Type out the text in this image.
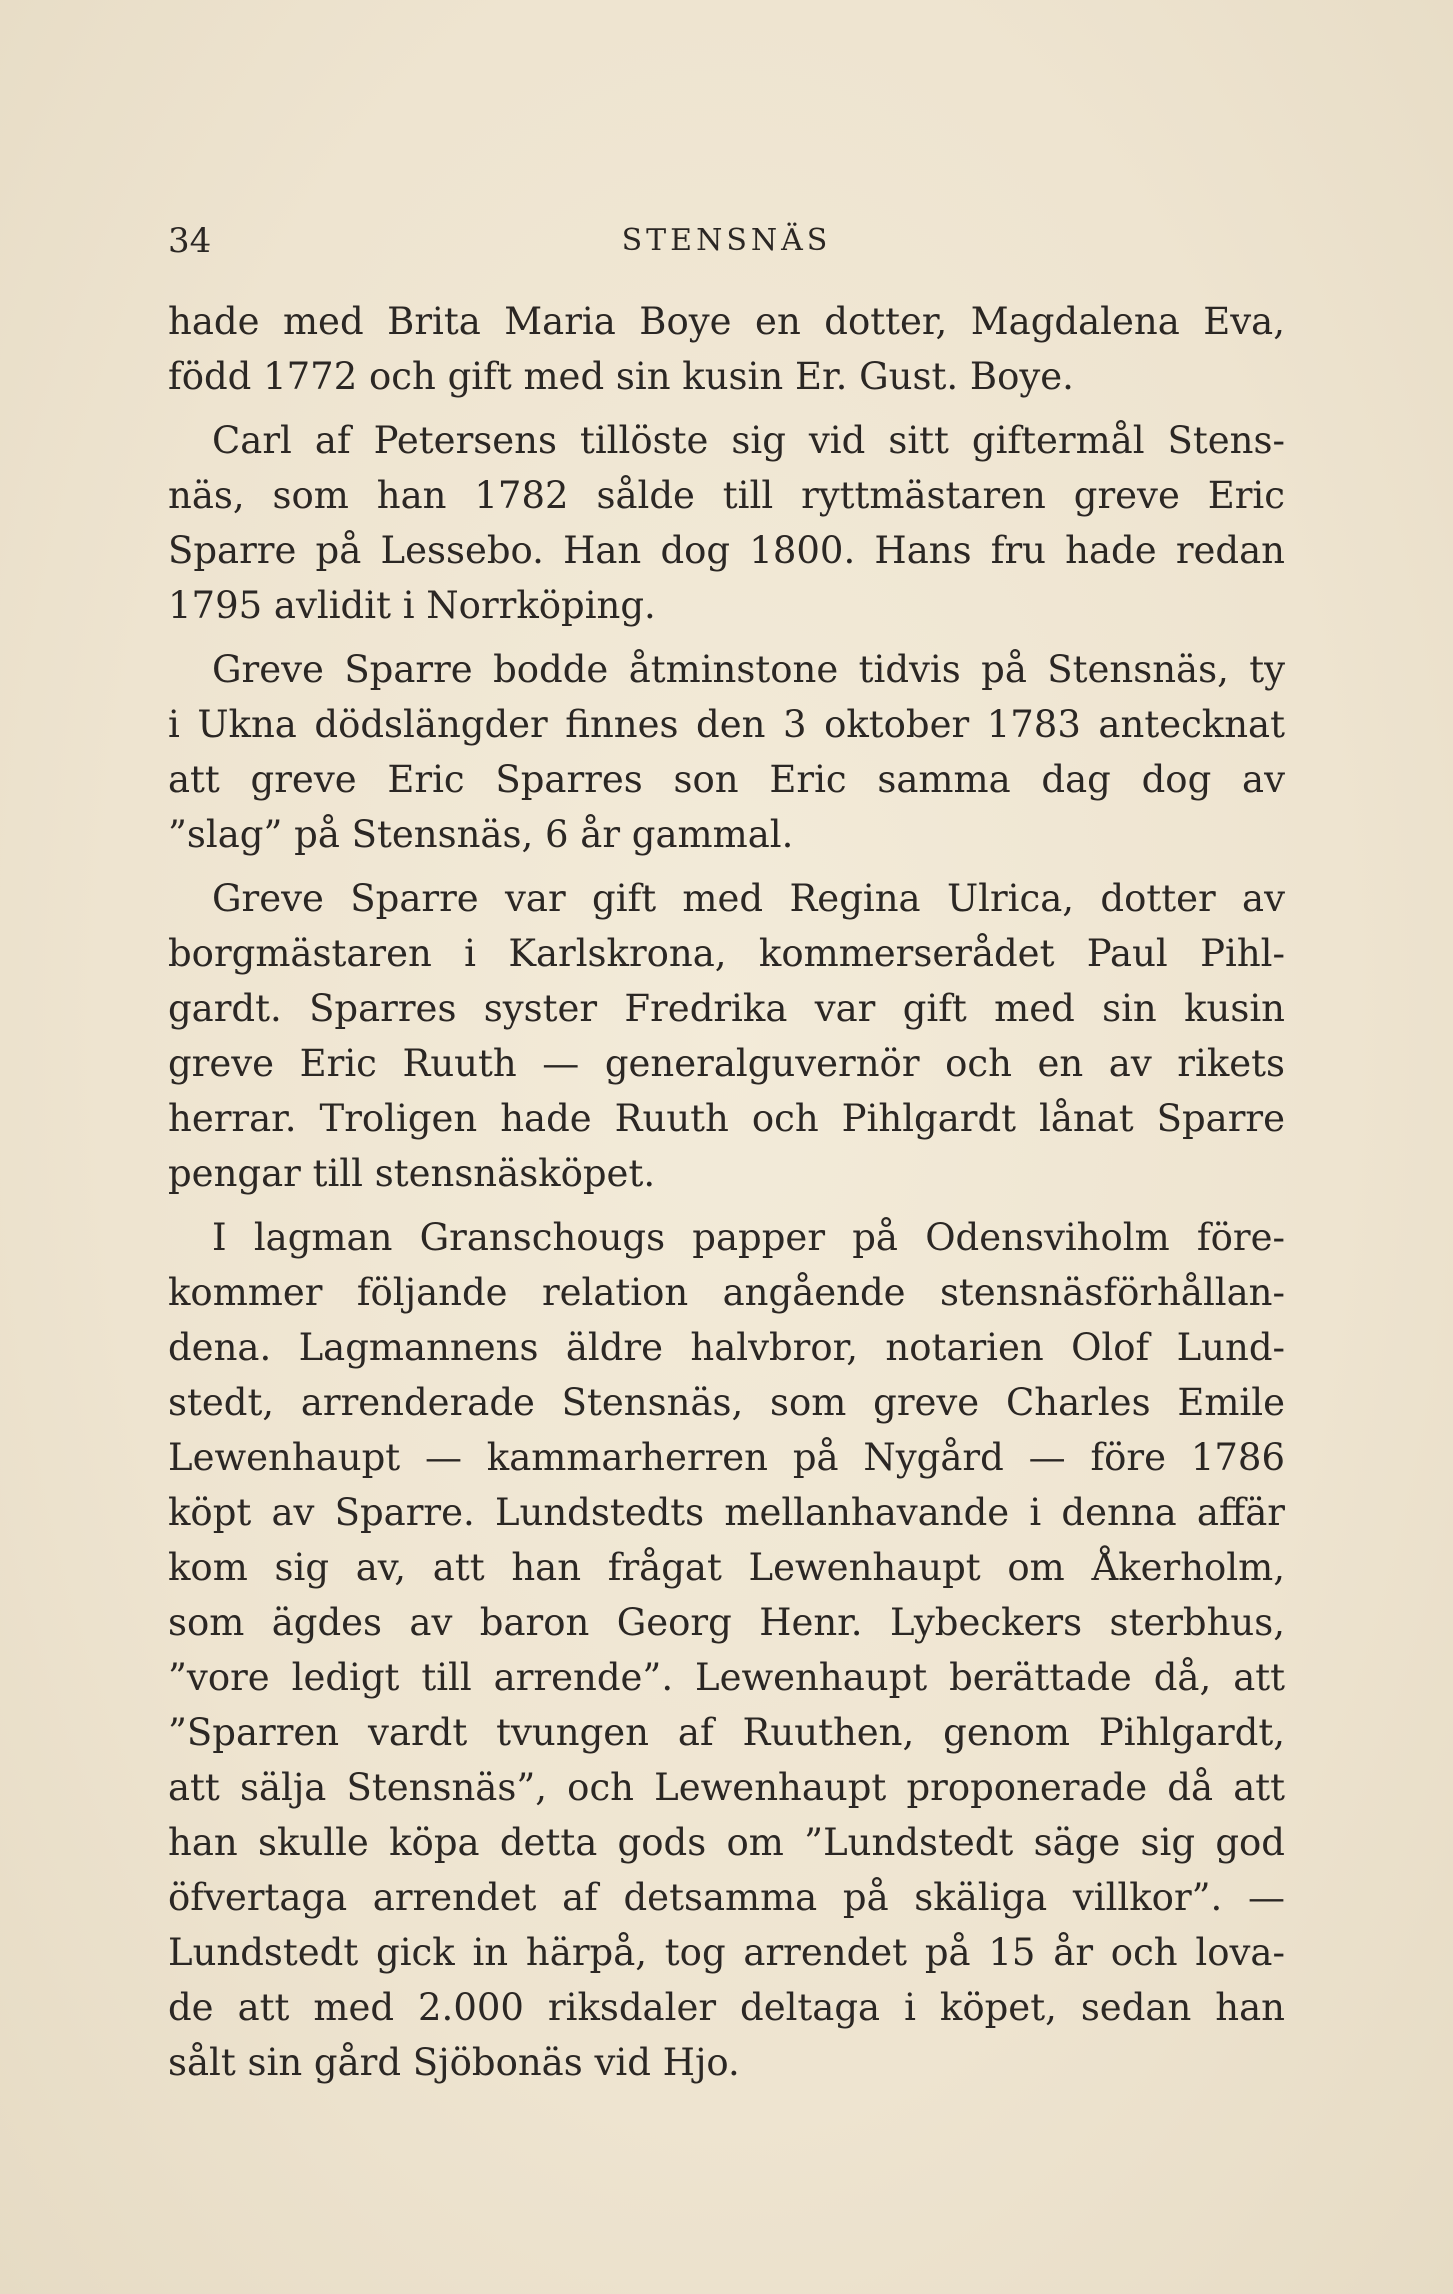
34	STENSNÄS

hade med Brita Maria Boye en dotter, Magdalena Eva,
född 1772 och gift med sin kusin Er. Gust. Boye.

Carl af Petersens tillöste sig vid sitt giftermål Stens-
näs, som han 1782 sålde till ryttmästaren greve Eric
Sparre på Lessebo. Han dog 1800. Hans fru hade redan
1795 avlidit i Norrköping.

Greve Sparre bodde åtminstone tidvis på Stensnäs, ty
i Ukna dödslängder finnes den 3 oktober 1783 antecknat
att greve Eric Sparres son Eric samma dag dog av
”slag” på Stensnäs, 6 år gammal.

Greve Sparre var gift med Regina Ulrica, dotter av
borgmästaren i Karlskrona, kommerserådet Paul Pihl-
gardt. Sparres syster Fredrika var gift med sin kusin
greve Eric Ruuth — generalguvernör och en av rikets
herrar. Troligen hade Ruuth och Pihlgardt lånat Sparre
pengar till stensnäsköpet.

I lagman Granschougs papper på Odensviholm före-
kommer följande relation angående stensnäsförhållan-
dena. Lagmannens äldre halvbror, notarien Olof Lund-
stedt, arrenderade Stensnäs, som greve Charles Emile
Lewenhaupt — kammarherren på Nygård — före 1786
köpt av Sparre. Lundstedts mellanhavande i denna affär
kom sig av, att han frågat Lewenhaupt om Åkerholm,
som ägdes av baron Georg Henr. Lybeckers sterbhus,
”vore ledigt till arrende”. Lewenhaupt berättade då, att
”Sparren vardt tvungen af Ruuthen, genom Pihlgardt,
att sälja Stensnäs”, och Lewenhaupt proponerade då att
han skulle köpa detta gods om ”Lundstedt säge sig god
öfvertaga arrendet af detsamma på skäliga villkor”. —
Lundstedt gick in härpå, tog arrendet på 15 år och lova-
de att med 2.000 riksdaler deltaga i köpet, sedan han
sålt sin gård Sjöbonäs vid Hjo.
